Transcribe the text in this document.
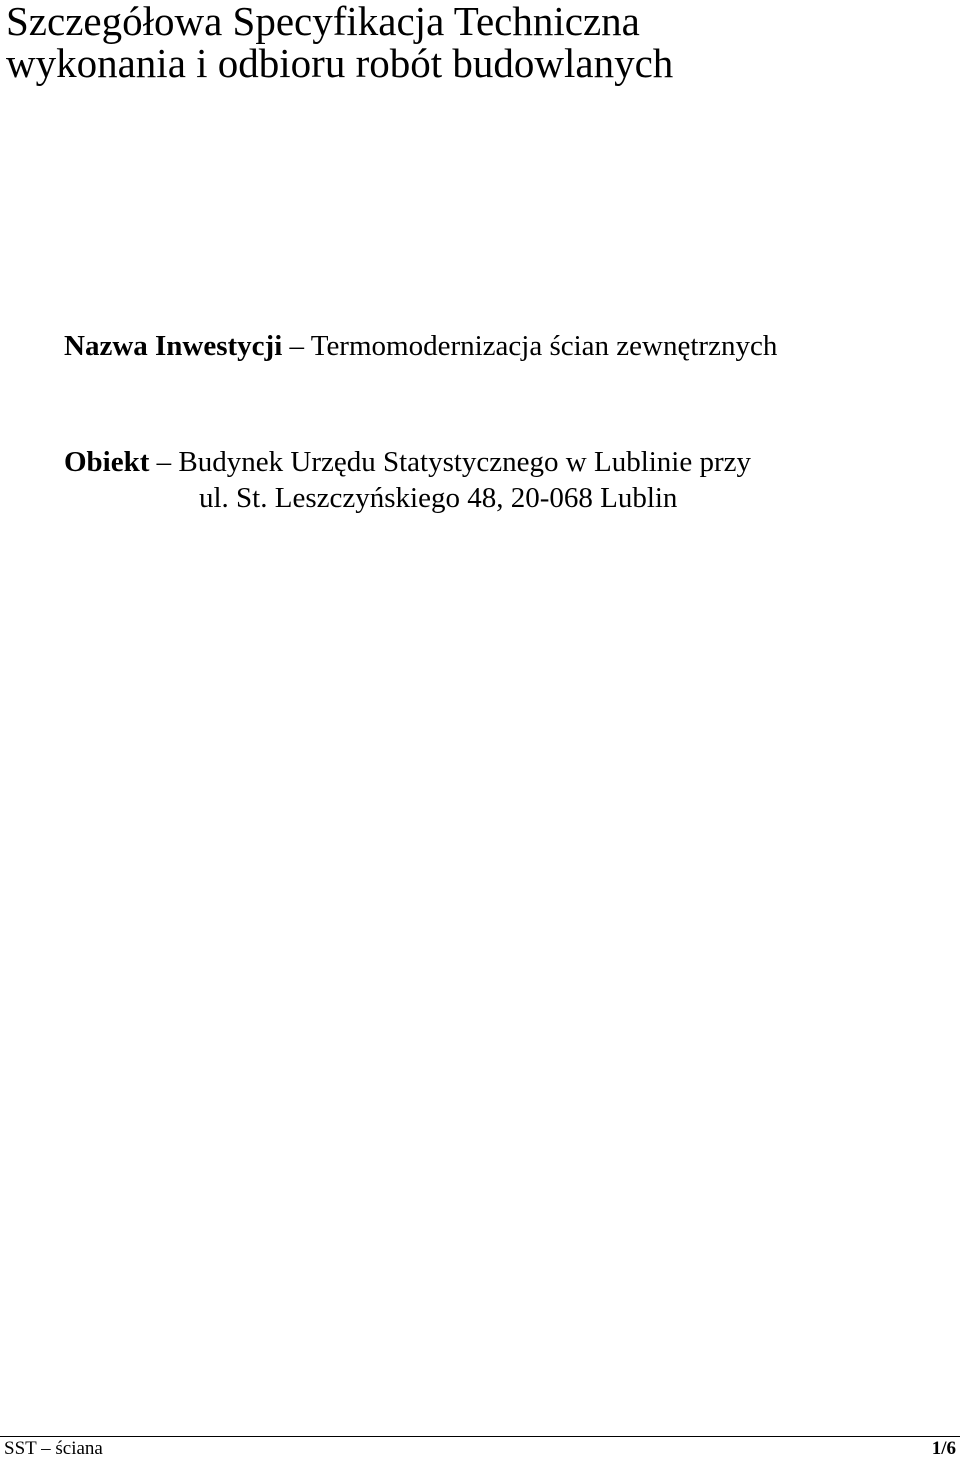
Szczegółowa Specyfikacja Techniczna
wykonania i odbioru robót budowlanych
Nazwa Inwestycji – Termomodernizacja ścian zewnętrznych
Obiekt – Budynek Urzędu Statystycznego w Lublinie przy
ul. St. Leszczyńskiego 48, 20-068 Lublin
SST – ściana	1/6
